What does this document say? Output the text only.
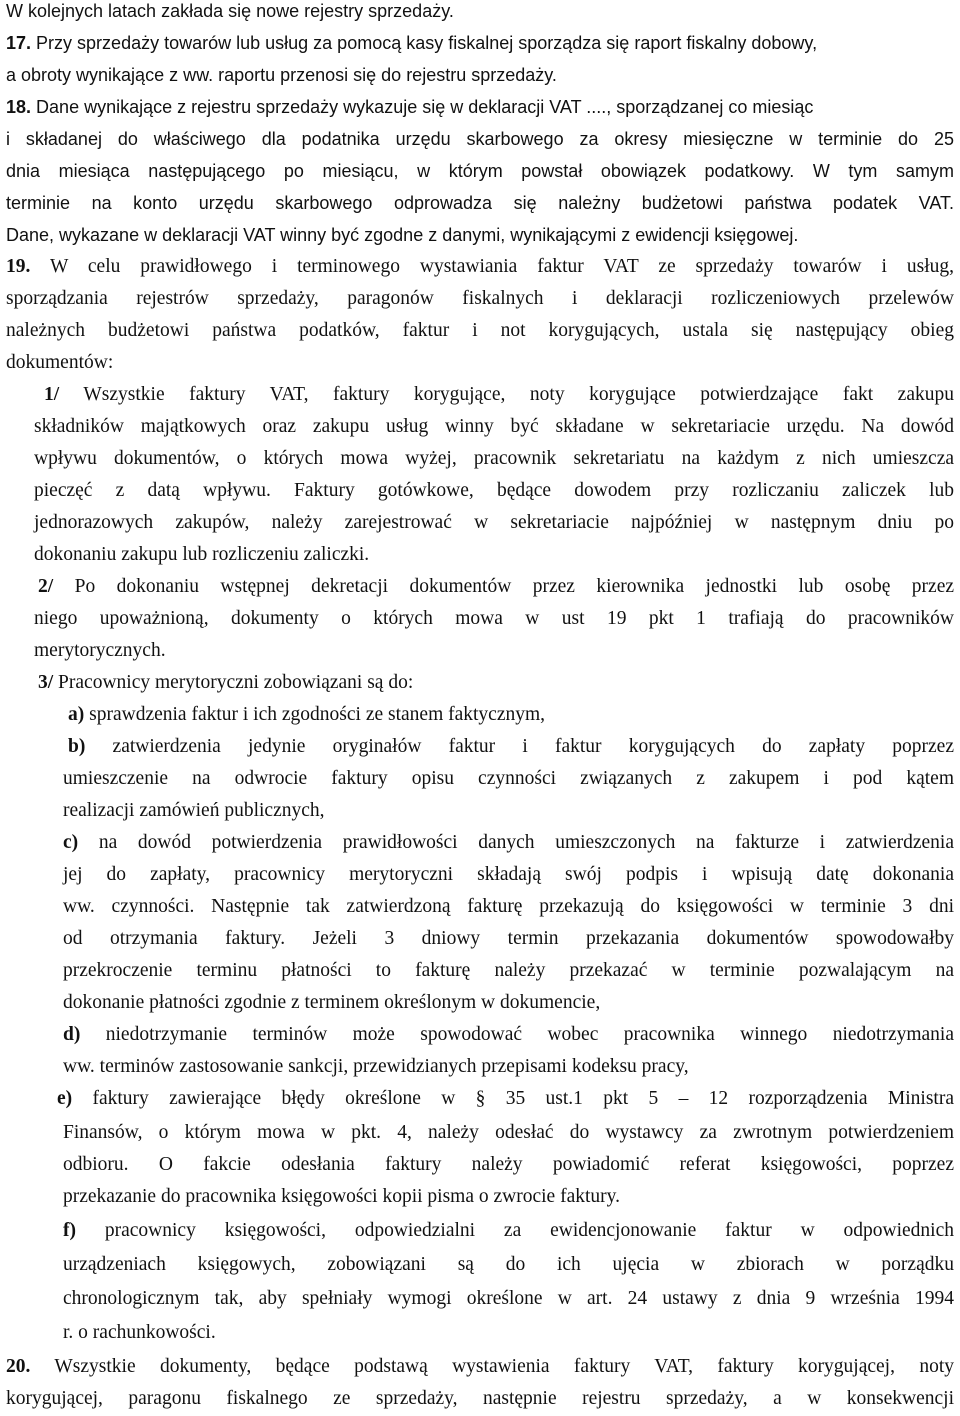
W kolejnych latach zakłada się nowe rejestry sprzedaży.
17. Przy sprzedaży towarów lub usług za pomocą kasy fiskalnej sporządza się raport fiskalny dobowy,
a obroty wynikające z ww. raportu przenosi się do rejestru sprzedaży.
18. Dane wynikające z rejestru sprzedaży wykazuje się w deklaracji VAT ...., sporządzanej co miesiąc
i składanej do właściwego dla podatnika urzędu skarbowego za okresy miesięczne w terminie do 25
dnia miesiąca następującego po miesiącu, w którym powstał obowiązek podatkowy. W tym samym
terminie na konto urzędu skarbowego odprowadza się należny budżetowi państwa podatek VAT.
Dane, wykazane w deklaracji VAT winny być zgodne z danymi, wynikającymi z ewidencji księgowej.
19. W celu prawidłowego i terminowego wystawiania faktur VAT ze sprzedaży towarów i usług,
sporządzania rejestrów sprzedaży, paragonów fiskalnych i deklaracji rozliczeniowych przelewów
należnych budżetowi państwa podatków, faktur i not korygujących, ustala się następujący obieg
dokumentów:
1/ Wszystkie faktury VAT, faktury korygujące, noty korygujące potwierdzające fakt zakupu
składników majątkowych oraz zakupu usług winny być składane w sekretariacie urzędu. Na dowód
wpływu dokumentów, o których mowa wyżej, pracownik sekretariatu na każdym z nich umieszcza
pieczęć z datą wpływu. Faktury gotówkowe, będące dowodem przy rozliczaniu zaliczek lub
jednorazowych zakupów, należy zarejestrować w sekretariacie najpóźniej w następnym dniu po
dokonaniu zakupu lub rozliczeniu zaliczki.
2/ Po dokonaniu wstępnej dekretacji dokumentów przez kierownika jednostki lub osobę przez
niego upoważnioną, dokumenty o których mowa w ust 19 pkt 1 trafiają do pracowników
merytorycznych.
3/ Pracownicy merytoryczni zobowiązani są do:
a) sprawdzenia faktur i ich zgodności ze stanem faktycznym,
b) zatwierdzenia jedynie oryginałów faktur i faktur korygujących do zapłaty poprzez
umieszczenie na odwrocie faktury opisu czynności związanych z zakupem i pod kątem
realizacji zamówień publicznych,
c) na dowód potwierdzenia prawidłowości danych umieszczonych na fakturze i zatwierdzenia
jej do zapłaty, pracownicy merytoryczni składają swój podpis i wpisują datę dokonania
ww. czynności. Następnie tak zatwierdzoną fakturę przekazują do księgowości w terminie 3 dni
od otrzymania faktury. Jeżeli 3 dniowy termin przekazania dokumentów spowodowałby
przekroczenie terminu płatności to fakturę należy przekazać w terminie pozwalającym na
dokonanie płatności zgodnie z terminem określonym w dokumencie,
d) niedotrzymanie terminów może spowodować wobec pracownika winnego niedotrzymania
ww. terminów zastosowanie sankcji, przewidzianych przepisami kodeksu pracy,
e) faktury zawierające błędy określone w § 35 ust.1 pkt 5 – 12 rozporządzenia Ministra
Finansów, o którym mowa w pkt. 4, należy odesłać do wystawcy za zwrotnym potwierdzeniem
odbioru. O fakcie odesłania faktury należy powiadomić referat księgowości, poprzez
przekazanie do pracownika księgowości kopii pisma o zwrocie faktury.
f) pracownicy księgowości, odpowiedzialni za ewidencjonowanie faktur w odpowiednich
urządzeniach księgowych, zobowiązani są do ich ujęcia w zbiorach w porządku
chronologicznym tak, aby spełniały wymogi określone w art. 24 ustawy z dnia 9 września 1994
r. o rachunkowości.
20. Wszystkie dokumenty, będące podstawą wystawienia faktury VAT, faktury korygującej, noty
korygującej, paragonu fiskalnego ze sprzedaży, następnie rejestru sprzedaży, a w konsekwencji
